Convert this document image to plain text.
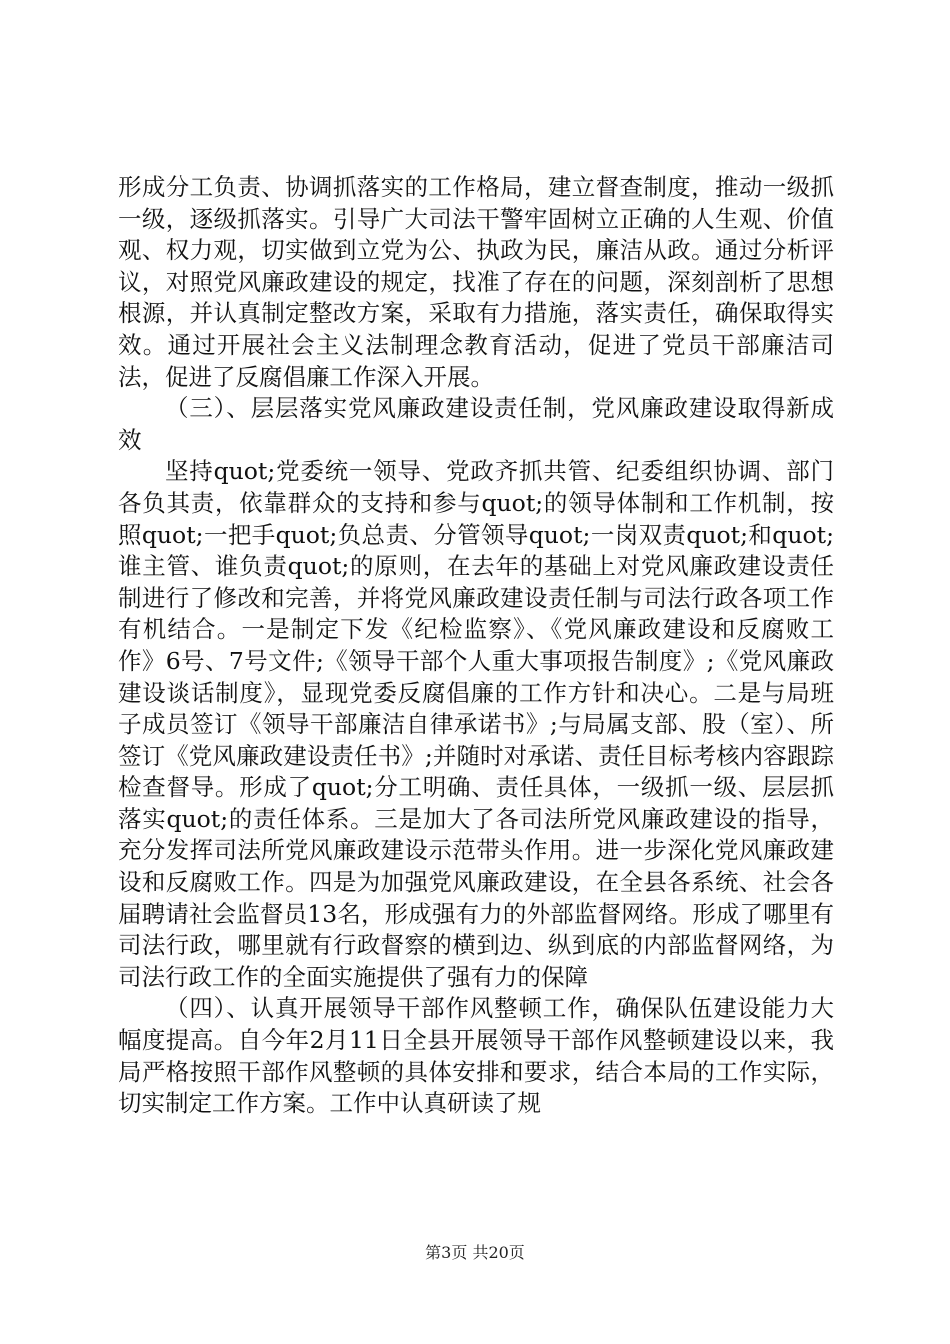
形成分工负责、协调抓落实的工作格局，建立督查制度，推动一级抓一级，逐级抓落实。引导广大司法干警牢固树立正确的人生观、价值观、权力观，切实做到立党为公、执政为民，廉洁从政。通过分析评议，对照党风廉政建设的规定，找准了存在的问题，深刻剖析了思想根源，并认真制定整改方案，采取有力措施，落实责任，确保取得实效。通过开展社会主义法制理念教育活动，促进了党员干部廉洁司法，促进了反腐倡廉工作深入开展。

（三）、层层落实党风廉政建设责任制，党风廉政建设取得新成效

坚持quot;党委统一领导、党政齐抓共管、纪委组织协调、部门各负其责，依靠群众的支持和参与quot;的领导体制和工作机制，按照quot;一把手quot;负总责、分管领导quot;一岗双责quot;和quot;谁主管、谁负责quot;的原则，在去年的基础上对党风廉政建设责任制进行了修改和完善，并将党风廉政建设责任制与司法行政各项工作有机结合。一是制定下发《纪检监察》、《党风廉政建设和反腐败工作》6号、7号文件;《领导干部个人重大事项报告制度》;《党风廉政建设谈话制度》，显现党委反腐倡廉的工作方针和决心。二是与局班子成员签订《领导干部廉洁自律承诺书》;与局属支部、股（室）、所签订《党风廉政建设责任书》;并随时对承诺、责任目标考核内容跟踪检查督导。形成了quot;分工明确、责任具体，一级抓一级、层层抓落实quot;的责任体系。三是加大了各司法所党风廉政建设的指导，充分发挥司法所党风廉政建设示范带头作用。进一步深化党风廉政建设和反腐败工作。四是为加强党风廉政建设，在全县各系统、社会各届聘请社会监督员13名，形成强有力的外部监督网络。形成了哪里有司法行政，哪里就有行政督察的横到边、纵到底的内部监督网络，为司法行政工作的全面实施提供了强有力的保障

（四）、认真开展领导干部作风整顿工作，确保队伍建设能力大幅度提高。自今年2月11日全县开展领导干部作风整顿建设以来，我局严格按照干部作风整顿的具体安排和要求，结合本局的工作实际，切实制定工作方案。工作中认真研读了规

第3页 共20页
